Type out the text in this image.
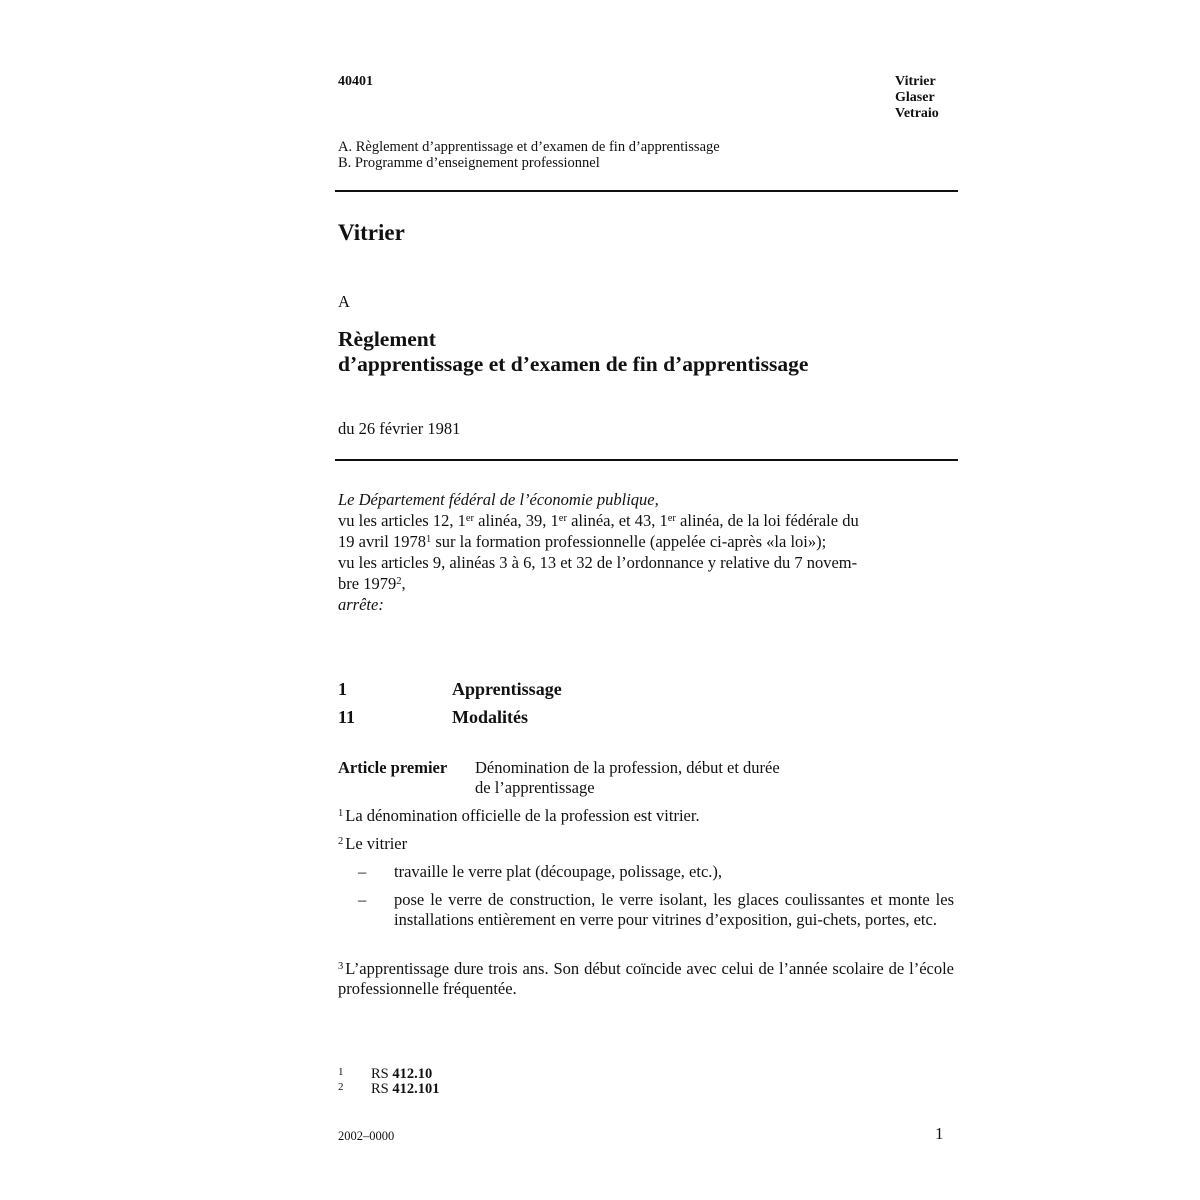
40401	Vitrier
Glaser
Vetraio
A. Règlement d’apprentissage et d’examen de fin d’apprentissage
B. Programme d’enseignement professionnel
Vitrier
A
Règlement
d’apprentissage et d’examen de fin d’apprentissage
du 26 février 1981
Le Département fédéral de l’économie publique,
vu les articles 12, 1er alinéa, 39, 1er alinéa, et 43, 1er alinéa, de la loi fédérale du
19 avril 1978$^1$ sur la formation professionnelle (appelée ci-après «la loi»);
vu les articles 9, alinéas 3 à 6, 13 et 32 de l’ordonnance y relative du 7 novem-
bre 1979$^2$,
arrête:
1	Apprentissage
11	Modalités
Article premier	Dénomination de la profession, début et durée
de l’apprentissage
$^1$ La dénomination officielle de la profession est vitrier.
$^2$ Le vitrier
–	travaille le verre plat (découpage, polissage, etc.),
–	pose le verre de construction, le verre isolant, les glaces coulissantes et monte les installations entièrement en verre pour vitrines d’exposition, gui-chets, portes, etc.
$^3$ L’apprentissage dure trois ans. Son début coïncide avec celui de l’année scolaire de l’école professionnelle fréquentée.
1 RS 412.10
2 RS 412.101
2002–0000	1
